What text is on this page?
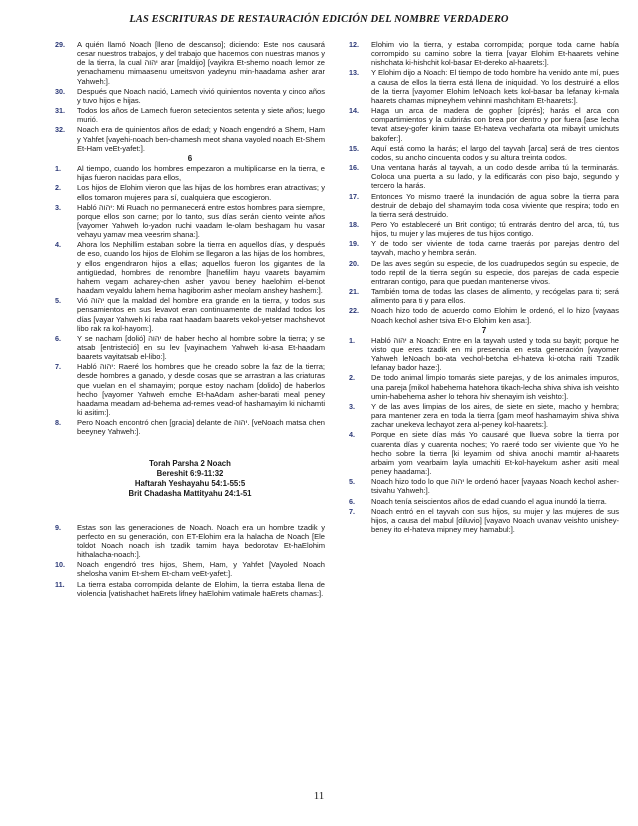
LAS ESCRITURAS DE RESTAURACIÓN EDICIÓN DEL NOMBRE VERDADERO
29. A quién llamó Noach [lleno de descanso]; diciendo: Este nos causará cesar nuestros trabajos, y del trabajo que hacemos con nuestras manos y de la tierra, la cual יהוה arar [maldijo] [vayikra Et-shemo noach lemor ze yenachamenu mimaasenu umeitsvon yadeynu min-haadama asher arar Yahweh:].
30. Después que Noach nació, Lamech vivió quinientos noventa y cinco años y tuvo hijos e hijas.
31. Todos los años de Lamech fueron setecientos setenta y siete años; luego murió.
32. Noach era de quinientos años de edad; y Noach engendró a Shem, Ham y Yahfet [vayehi-noach ben-chamesh meot shana vayoled noach Et-Shem Et-Ham veEt-yafet:].
6
1. Al tiempo, cuando los hombres empezaron a multiplicarse en la tierra, e hijas fueron nacidas para ellos,
2. Los hijos de Elohim vieron que las hijas de los hombres eran atractivas; y ellos tomaron mujeres para sí, cualquiera que escogieron.
3. Habló יהוה: Mi Ruach no permanecerá entre estos hombres para siempre, porque ellos son carne; por lo tanto, sus días serán ciento veinte años [vayomer Yahweh lo-yadon ruchi vaadam le-olam beshagam hu vasar vehayu yamav mea veesrim shana:].
4. Ahora los Nephillim estaban sobre la tierra en aquellos días, y después de eso, cuando los hijos de Elohim se llegaron a las hijas de los hombres, y ellos engendraron hijos a ellas; aquellos fueron los gigantes de la antigüedad, hombres de renombre [hanefilim hayu vaarets bayamim hahem vegam acharey-chen asher yavou beney haelohim el-benot haadam veyaldu lahem hema hagiborim asher meolam anshey hashem:].
5. Vió יהוה que la maldad del hombre era grande en la tierra, y todos sus pensamientos en sus levavot eran continuamente de maldad todos los días [vayar Yahweh ki raba raat haadam baarets vekol-yetser machshevot libo rak ra kol-hayom:].
6. Y se nacham [dolió] יהוה de haber hecho al hombre sobre la tierra; y se atsab [entristeció] en su lev [vayinachem Yahweh ki-asa Et-haadam baarets vayitatsab el-libo:].
7. Habló יהוה: Raeré los hombres que he creado sobre la faz de la tierra; desde hombres a ganado, y desde cosas que se arrastran a las criaturas que vuelan en el shamayim; porque estoy nacham [dolido] de haberlos hecho [vayomer Yahweh emche Et-haAdam asher-barati meal peney haadama meadam ad-behema ad-remes vead-of hashamayim ki nichamti ki asitim:].
8. Pero Noach encontró chen [gracia] delante de יהוה. [veNoach matsa chen beeyney Yahweh:].
Torah Parsha 2 Noach
Bereshit 6:9-11:32
Haftarah Yeshayahu 54:1-55:5
Brit Chadasha Mattityahu 24:1-51
9. Estas son las generaciones de Noach. Noach era un hombre tzadik y perfecto en su generación, con ET-Elohim era la halacha de Noach [Ele toldot Noach noach ish tzadik tamim haya bedorotav Et-haElohim hithalacha-noach:].
10. Noach engendró tres hijos, Shem, Ham, y Yahfet [Vayoled Noach shelosha vanim Et-shem Et-cham veEt-yafet:].
11. La tierra estaba corrompida delante de Elohim, la tierra estaba llena de violencia [vatishachet haErets lifney haElohim vatimale haErets chamas:].
12. Elohim vio la tierra, y estaba corrompida; porque toda carne había corrompido su camino sobre la tierra [vayar Elohim Et-haarets vehine nishchata ki-hishchit kol-basar Et-dereko al-haarets:].
13. Y Elohim dijo a Noach: El tiempo de todo hombre ha venido ante mí, pues a causa de ellos la tierra está llena de iniquidad. Yo los destruiré a ellos de la tierra [vayomer Elohim leNoach kets kol-basar ba lefanay ki-mala haarets chamas mipneyhem vehinni mashchitam Et-haarets:].
14. Haga un arca de madera de gopher [ciprés]; harás el arca con compartimientos y la cubrirás con brea por dentro y por fuera [ase lecha tevat atsey-gofer kinim taase Et-hateva vechafarta ota mibayit umichuts bakofer:].
15. Aquí está como la harás; el largo del tayvah [arca] será de tres cientos codos, su ancho cincuenta codos y su altura treinta codos.
16. Una ventana harás al tayvah, a un codo desde arriba tú la terminarás. Coloca una puerta a su lado, y la edificarás con piso bajo, segundo y tercero la harás.
17. Entonces Yo mismo traeré la inundación de agua sobre la tierra para destruir de debajo del shamayim toda cosa viviente que respira; todo en la tierra será destruido.
18. Pero Yo estableceré un Brit contigo; tú entrarás dentro del arca, tú, tus hijos, tu mujer y las mujeres de tus hijos contigo.
19. Y de todo ser viviente de toda carne traerás por parejas dentro del tayvah, macho y hembra serán.
20. De las aves según su especie, de los cuadrupedos según su especie, de todo reptil de la tierra según su especie, dos parejas de cada especie entraran contigo, para que puedan mantenerse vivos.
21. También toma de todas las clases de alimento, y recógelas para ti; será alimento para ti y para ellos.
22. Noach hizo todo de acuerdo como Elohim le ordenó, el lo hizo [vayaas Noach kechol asher tsiva Et-o Elohim ken asa:].
7
1. Habló יהוה a Noach: Entre en la tayvah usted y toda su bayit; porque he visto que eres tzadik en mi presencia en esta generación [vayomer Yahweh leNoach bo-ata vechol-betcha el-hateva ki-otcha raiti Tzadik lefanay bador haze:].
2. De todo animal limpio tomarás siete parejas, y de los animales impuros, una pareja [mikol habehema hatehora tikach-lecha shiva shiva ish veishto umin-habehema asher lo tehora hiv shenayim ish veishto:].
3. Y de las aves limpias de los aires, de siete en siete, macho y hembra; para mantener zera en toda la tierra [gam meof hashamayim shiva shiva zachar unekeva lechayot zera al-peney kol-haarets:].
4. Porque en siete días más Yo causaré que llueva sobre la tierra por cuarenta días y cuarenta noches; Yo raeré todo ser viviente que Yo he hecho sobre la tierra [ki leyamim od shiva anochi mamtir al-haarets arbaim yom vearbaim layla umachiti Et-kol-hayekum asher asiti meal peney haadama:].
5. Noach hizo todo lo que יהוה le ordenó hacer [vayaas Noach kechol asher-tsivahu Yahweh:].
6. Noach tenía seiscientos años de edad cuando el agua inundó la tierra.
7. Noach entró en el tayvah con sus hijos, su mujer y las mujeres de sus hijos, a causa del mabul [diluvio] [vayavo Noach uvanav veishto unishey-beney ito el-hateva mipney mey hamabul:].
11
